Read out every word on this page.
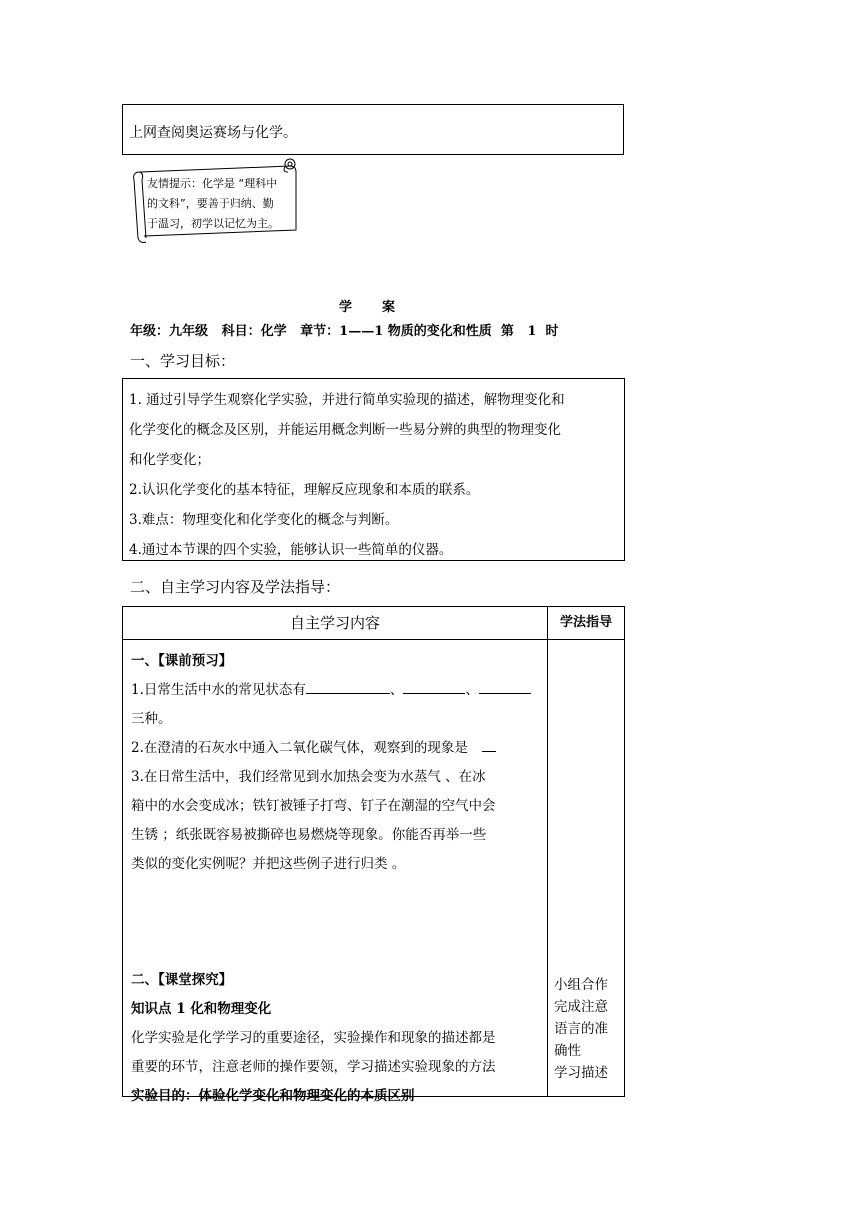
上网查阅奥运赛场与化学。
友情提示：化学是 “理科中
的文科”，要善于归纳、勤
于温习，初学以记忆为主。
学案
年级：九年级   科目：化学   章节：1——1 物质的变化和性质  第   1  时
一、学习目标：
1. 通过引导学生观察化学实验，并进行简单实验现的描述，解物理变化和
化学变化的概念及区别，并能运用概念判断一些易分辨的典型的物理变化
和化学变化；
2.认识化学变化的基本特征，理解反应现象和本质的联系。
3.难点：物理变化和化学变化的概念与判断。
4.通过本节课的四个实验，能够认识一些简单的仪器。
二、自主学习内容及学法指导：
自主学习内容	学法指导
一、【课前预习】
1.日常生活中水的常见状态有	、	、
三种。
2.在澄清的石灰水中通入二氧化碳气体，观察到的现象是
3.在日常生活中，我们经常见到水加热会变为水蒸气 、在冰
箱中的水会变成冰；铁钉被锤子打弯、钉子在潮湿的空气中会
生锈 ；纸张既容易被撕碎也易燃烧等现象。你能否再举一些
类似的变化实例呢？并把这些例子进行归类 。
二、【课堂探究】
知识点 1 化和物理变化
化学实验是化学学习的重要途径，实验操作和现象的描述都是
重要的环节，注意老师的操作要领，学习描述实验现象的方法
实验目的：体验化学变化和物理变化的本质区别
小组合作
完成注意
语言的准
确性
学习描述
